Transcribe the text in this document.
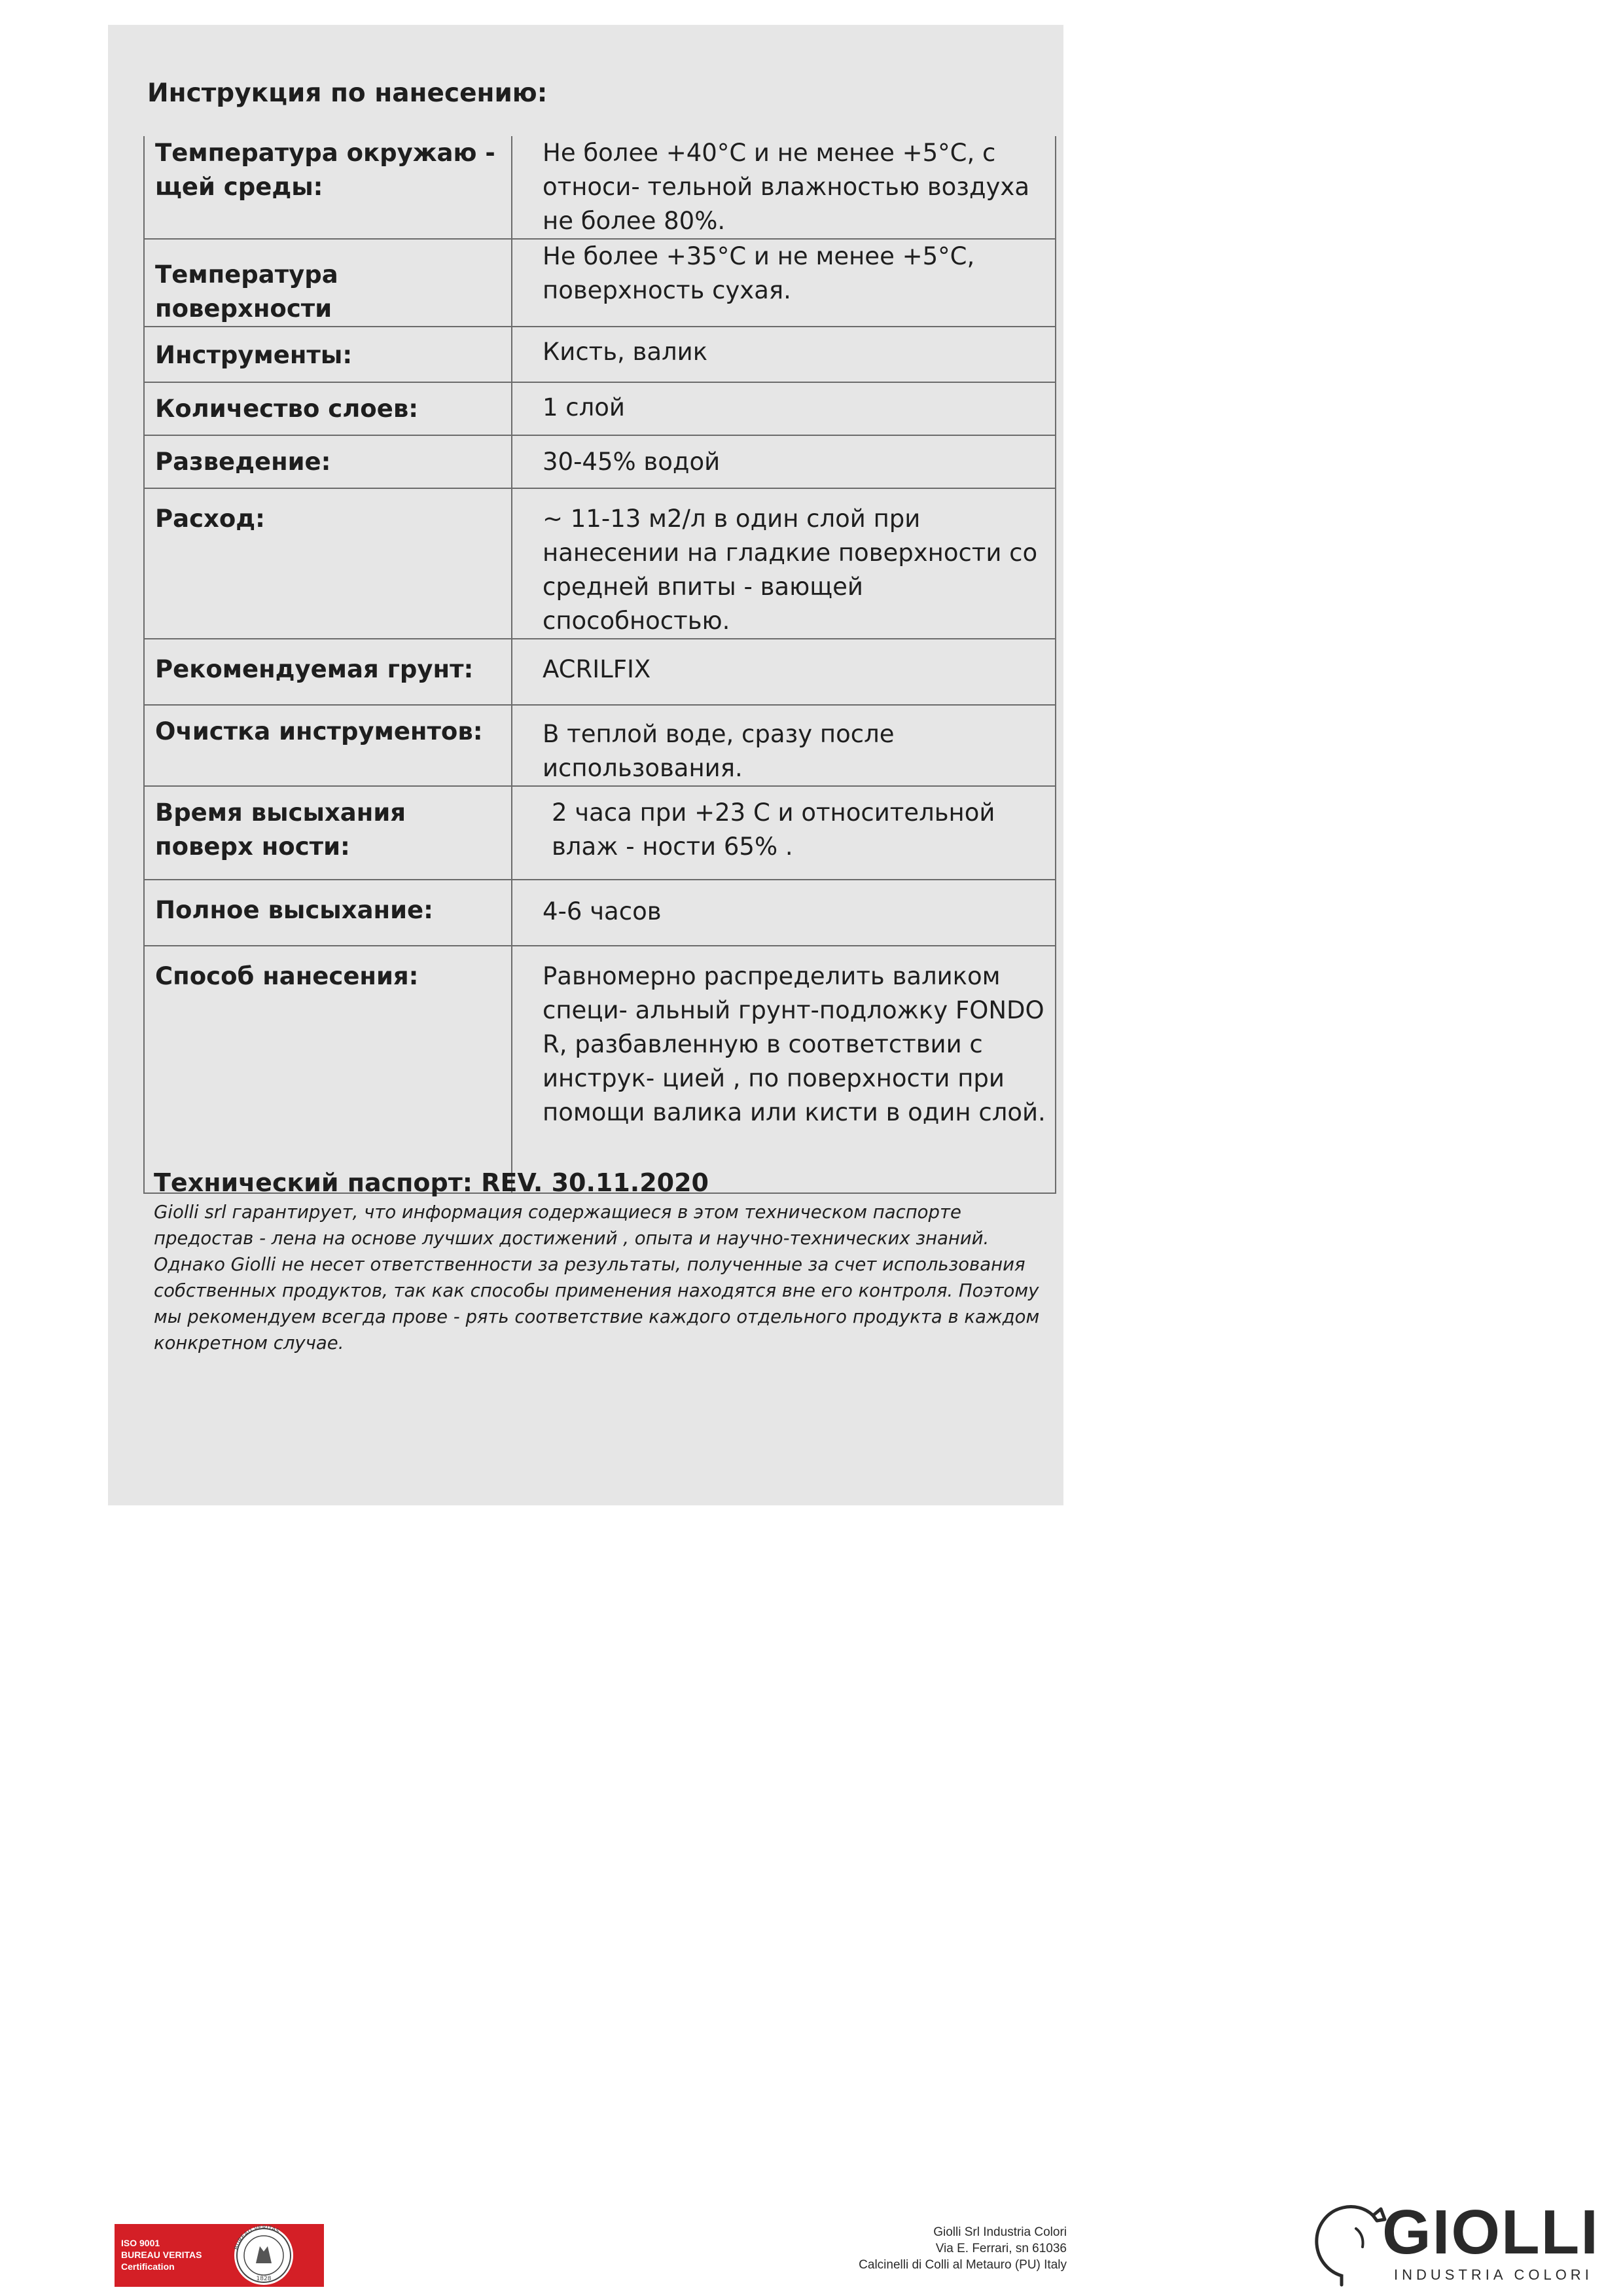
Инструкция по нанесению:
Температура окружаю - щей среды:	Не более +40°C и не менее +5°C, с относи- тельной влажностью воздуха не более 80%.
Температура поверхности	Не более +35°C и не менее +5°C, поверхность сухая.
Инструменты:	Кисть, валик
Количество слоев:	1 слой
Разведение:	30-45% водой
Расход:	~ 11-13 м2/л в один слой при нанесении на гладкие поверхности со средней впиты - вающей способностью.
Рекомендуемая грунт:	ACRILFIX
Очистка инструментов:	В теплой воде, сразу после использования.
Время высыхания поверх ности:	2 часа при +23 C и относительной влаж - ности 65% .
Полное высыхание:	4-6 часов
Способ нанесения:	Равномерно распределить валиком специ- альный грунт-подложку FONDO R, разбавленную в соответствии с инструк- цией , по поверхности при помощи валика или кисти в один слой.
Технический паспорт: REV. 30.11.2020
Giolli srl гарантирует, что информация содержащиеся в этом техническом паспорте предостав - лена на основе лучших достижений , опыта и научно-технических знаний. Однако Giolli не несет ответственности за результаты, полученные за счет использования собственных продуктов, так как способы применения находятся вне его контроля. Поэтому мы рекомендуем всегда прове - рять соответствие каждого отдельного продукта в каждом конкретном случае.
ISO 9001
BUREAU VERITAS
Certification
BUREAU VERITAS
1828
Giolli Srl Industria Colori
Via E. Ferrari, sn 61036
Calcinelli di Colli al Metauro (PU) Italy	GIOLLI
INDUSTRIA COLORI
